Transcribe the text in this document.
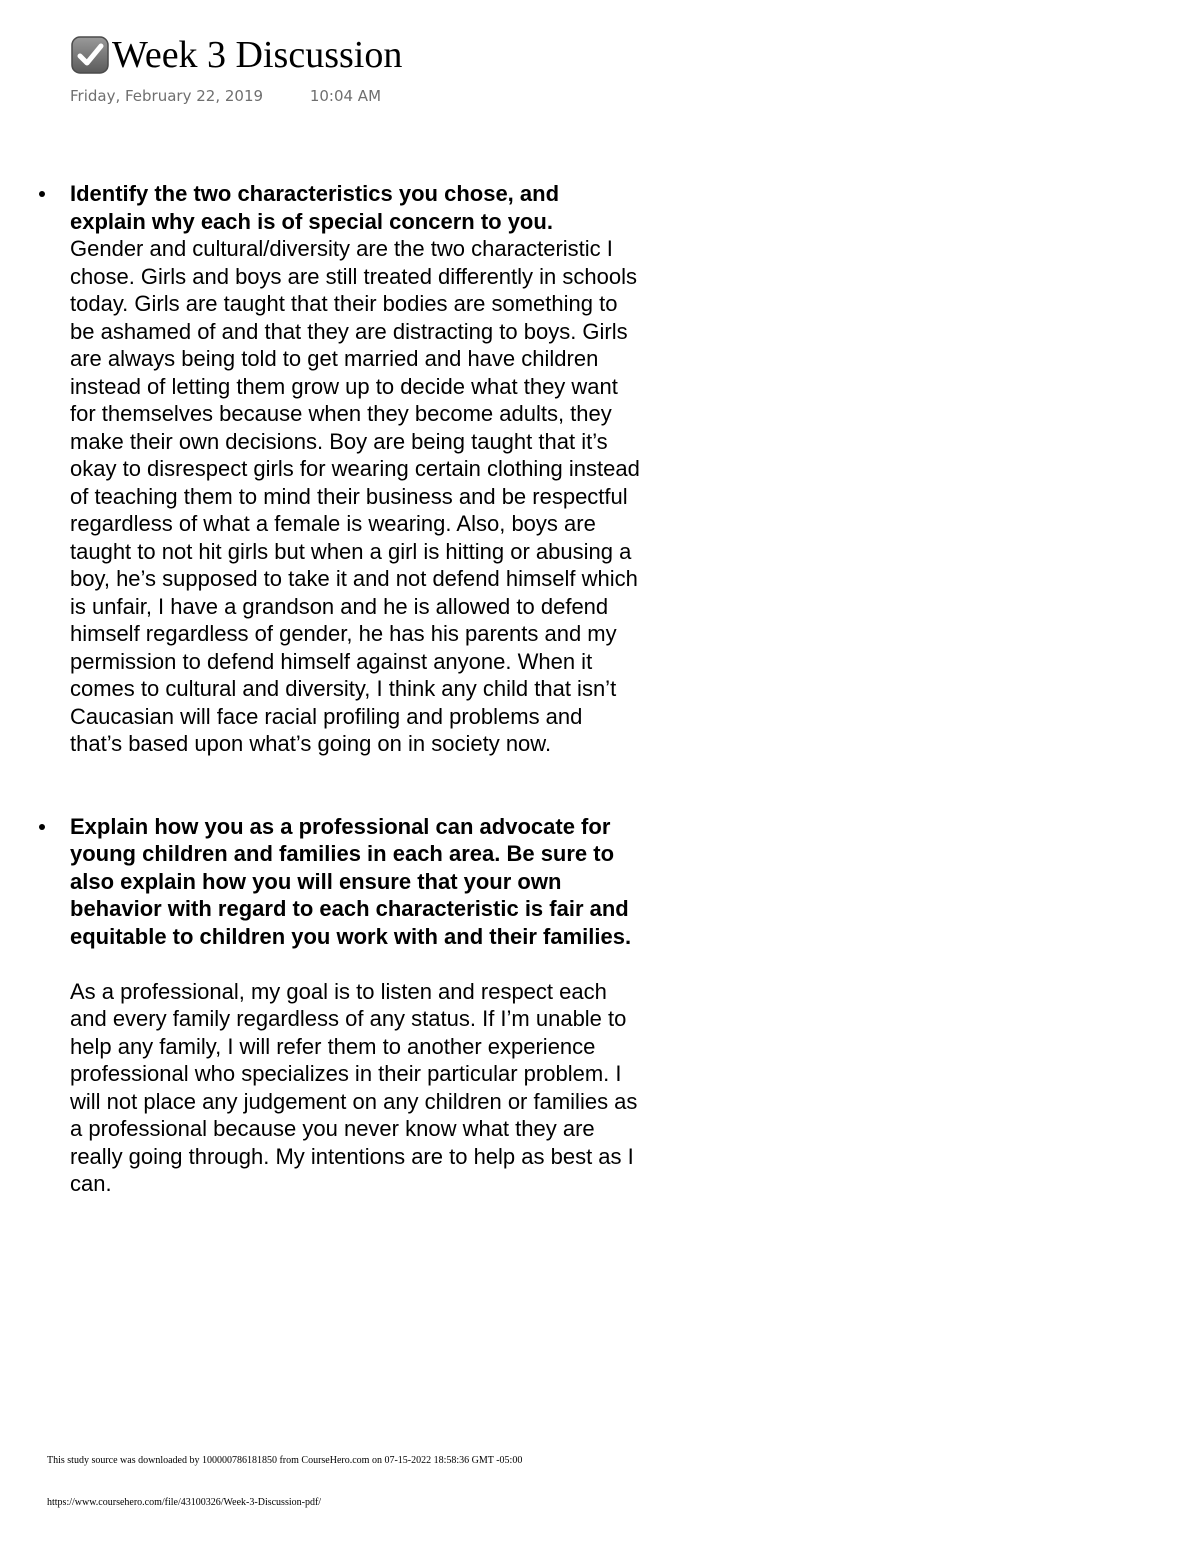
Week 3 Discussion
Friday, February 22, 2019	10:04 AM
Identify the two characteristics you chose, and explain why each is of special concern to you.
Gender and cultural/diversity are the two characteristic I chose. Girls and boys are still treated differently in schools today. Girls are taught that their bodies are something to be ashamed of and that they are distracting to boys. Girls are always being told to get married and have children instead of letting them grow up to decide what they want for themselves because when they become adults, they make their own decisions. Boy are being taught that it’s okay to disrespect girls for wearing certain clothing instead of teaching them to mind their business and be respectful regardless of what a female is wearing. Also, boys are taught to not hit girls but when a girl is hitting or abusing a boy, he’s supposed to take it and not defend himself which is unfair, I have a grandson and he is allowed to defend himself regardless of gender, he has his parents and my permission to defend himself against anyone. When it comes to cultural and diversity, I think any child that isn’t Caucasian will face racial profiling and problems and that’s based upon what’s going on in society now.
Explain how you as a professional can advocate for young children and families in each area. Be sure to also explain how you will ensure that your own behavior with regard to each characteristic is fair and equitable to children you work with and their families.
As a professional, my goal is to listen and respect each and every family regardless of any status. If I’m unable to help any family, I will refer them to another experience professional who specializes in their particular problem. I will not place any judgement on any children or families as a professional because you never know what they are really going through. My intentions are to help as best as I can.
This study source was downloaded by 100000786181850 from CourseHero.com on 07-15-2022 18:58:36 GMT -05:00
https://www.coursehero.com/file/43100326/Week-3-Discussion-pdf/
